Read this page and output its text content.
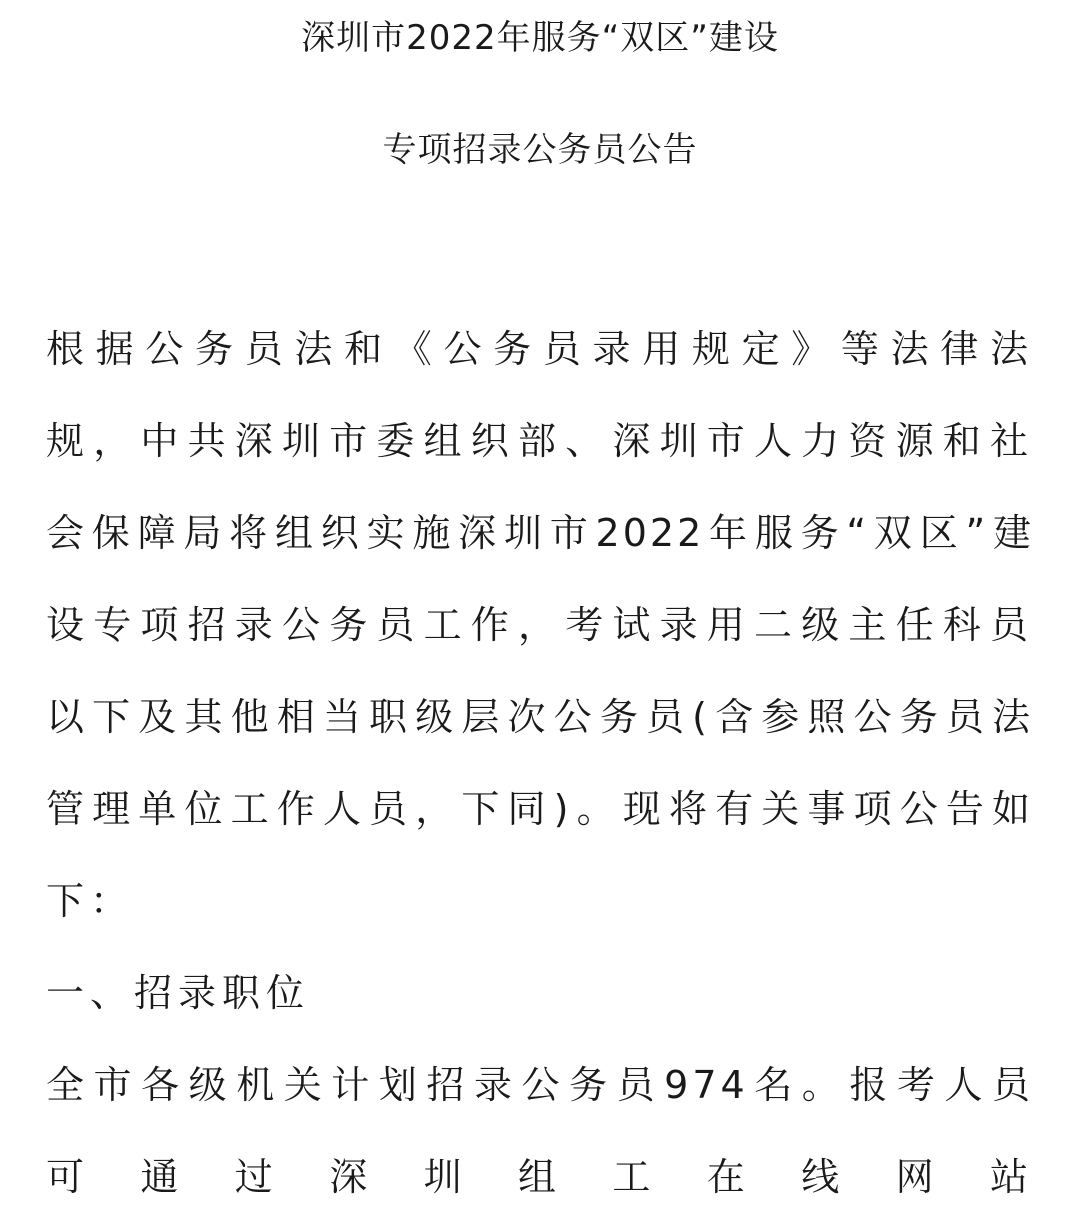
深圳市2022年服务“双区”建设
专项招录公务员公告
根据公务员法和《公务员录用规定》等法律法
规，中共深圳市委组织部、深圳市人力资源和社
会保障局将组织实施深圳市2022年服务“双区”建
设专项招录公务员工作，考试录用二级主任科员
以下及其他相当职级层次公务员(含参照公务员法
管理单位工作人员，下同)。现将有关事项公告如
下：
一、招录职位
全市各级机关计划招录公务员974名。报考人员
可通过深圳组工在线网站
